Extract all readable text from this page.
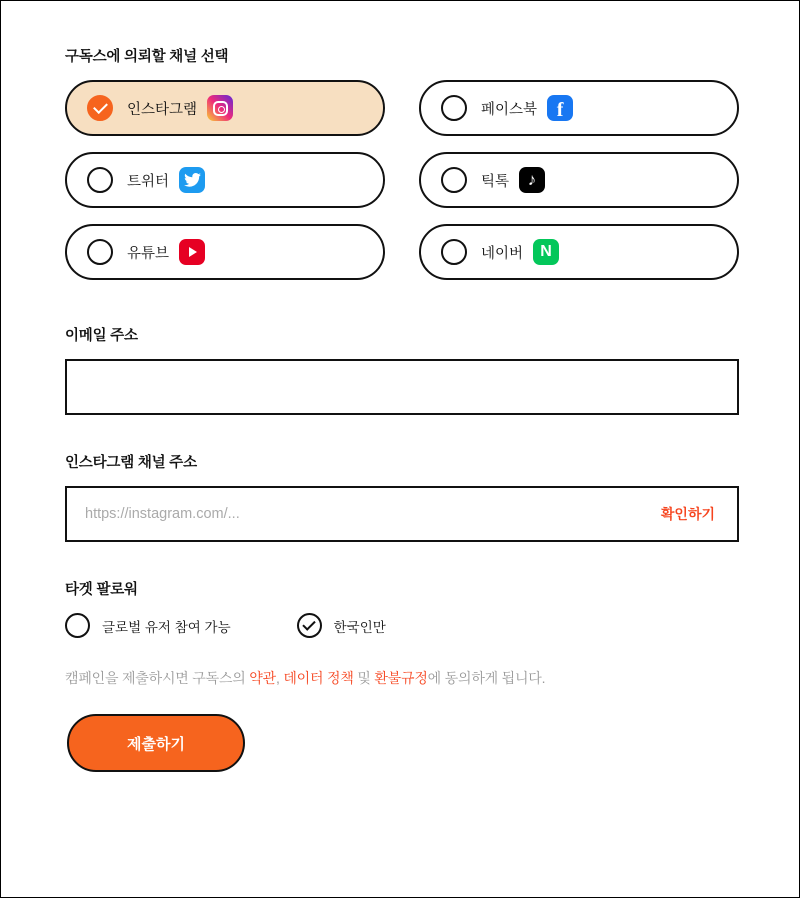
구독스에 의뢰할 채널 선택

인스타그램	페이스북 f
트위터	틱톡 ♪
유튜브	네이버 N

이메일 주소

인스타그램 채널 주소

https://instagram.com/...
확인하기

타겟 팔로워

글로벌 유저 참여 가능	한국인만

캠페인을 제출하시면 구독스의 약관, 데이터 정책 및 환불규정에 동의하게 됩니다.

제출하기
